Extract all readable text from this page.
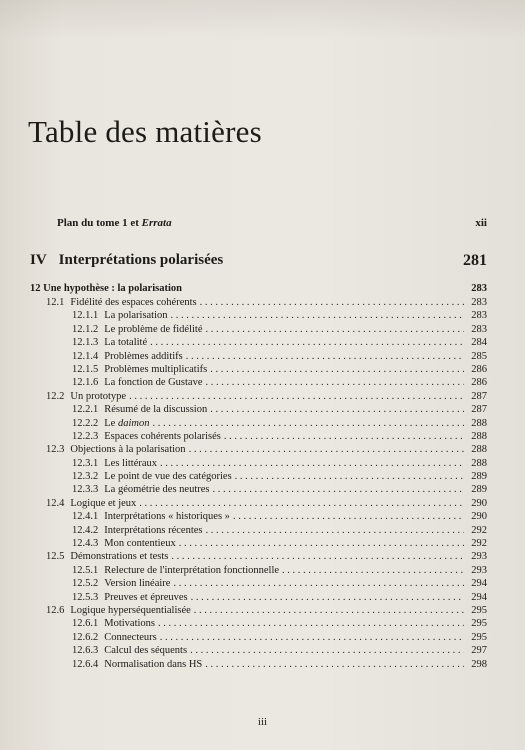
Table des matières
Plan du tome 1 et Errata	xii
IV Interprétations polarisées	281
12 Une hypothèse : la polarisation	283
12.1 Fidélité des espaces cohérents . . .	283
12.1.1 La polarisation . . .	283
12.1.2 Le problème de fidélité . . .	283
12.1.3 La totalité . . .	284
12.1.4 Problèmes additifs . . .	285
12.1.5 Problèmes multiplicatifs . . .	286
12.1.6 La fonction de Gustave . . .	286
12.2 Un prototype . . .	287
12.2.1 Résumé de la discussion . . .	287
12.2.2 Le daimon . . .	288
12.2.3 Espaces cohérents polarisés . . .	288
12.3 Objections à la polarisation . . .	288
12.3.1 Les littéraux . . .	288
12.3.2 Le point de vue des catégories . . .	289
12.3.3 La géométrie des neutres . . .	289
12.4 Logique et jeux . . .	290
12.4.1 Interprétations « historiques » . . .	290
12.4.2 Interprétations récentes . . .	292
12.4.3 Mon contentieux . . .	292
12.5 Démonstrations et tests . . .	293
12.5.1 Relecture de l'interprétation fonctionnelle . . .	293
12.5.2 Version linéaire . . .	294
12.5.3 Preuves et épreuves . . .	294
12.6 Logique hyperséquentialisée . . .	295
12.6.1 Motivations . . .	295
12.6.2 Connecteurs . . .	295
12.6.3 Calcul des séquents . . .	297
12.6.4 Normalisation dans HS . . .	298
iii
